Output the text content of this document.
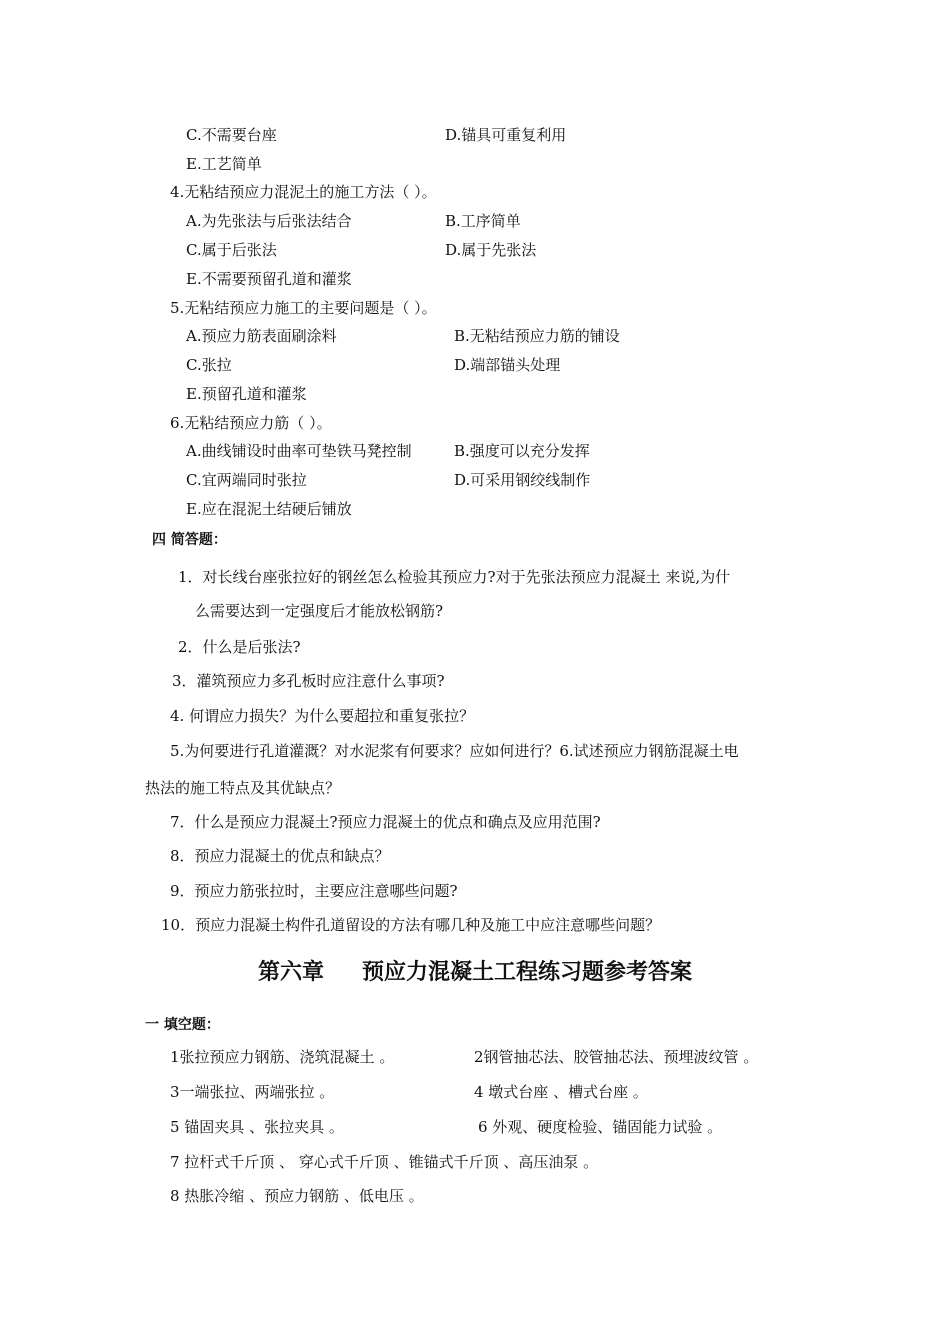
C.不需要台座	D.锚具可重复利用
E.工艺简单
4.无粘结预应力混泥土的施工方法（ ）。
A.为先张法与后张法结合	B.工序简单
C.属于后张法	D.属于先张法
E.不需要预留孔道和灌浆
5.无粘结预应力施工的主要问题是（ ）。
A.预应力筋表面刷涂料	B.无粘结预应力筋的铺设
C.张拉	D.端部锚头处理
E.预留孔道和灌浆
6.无粘结预应力筋（ ）。
A.曲线铺设时曲率可垫铁马凳控制	B.强度可以充分发挥
C.宜两端同时张拉	D.可采用钢绞线制作
E.应在混泥土结硬后铺放
四 简答题：
1．对长线台座张拉好的钢丝怎么检验其预应力?对于先张法预应力混凝土 来说,为什
么需要达到一定强度后才能放松钢筋?
2．什么是后张法?
3．灌筑预应力多孔板时应注意什么事项?
4. 何谓应力损失？为什么要超拉和重复张拉？
5.为何要进行孔道灌溉？对水泥浆有何要求？应如何进行？6.试述预应力钢筋混凝土电
热法的施工特点及其优缺点？
7．什么是预应力混凝土?预应力混凝土的优点和确点及应用范围?
8．预应力混凝土的优点和缺点？
9．预应力筋张拉时，主要应注意哪些问题?
10．预应力混凝土构件孔道留设的方法有哪几种及施工中应注意哪些问题？
第六章 预应力混凝土工程练习题参考答案
一 填空题：
1张拉预应力钢筋、浇筑混凝土 。	2钢管抽芯法、胶管抽芯法、预埋波纹管 。
3一端张拉、两端张拉 。	4 墩式台座 、槽式台座 。
5 锚固夹具 、张拉夹具 。	6 外观、硬度检验、锚固能力试验 。
7 拉杆式千斤顶 、 穿心式千斤顶 、锥锚式千斤顶 、高压油泵 。
8 热胀冷缩 、预应力钢筋 、低电压 。
